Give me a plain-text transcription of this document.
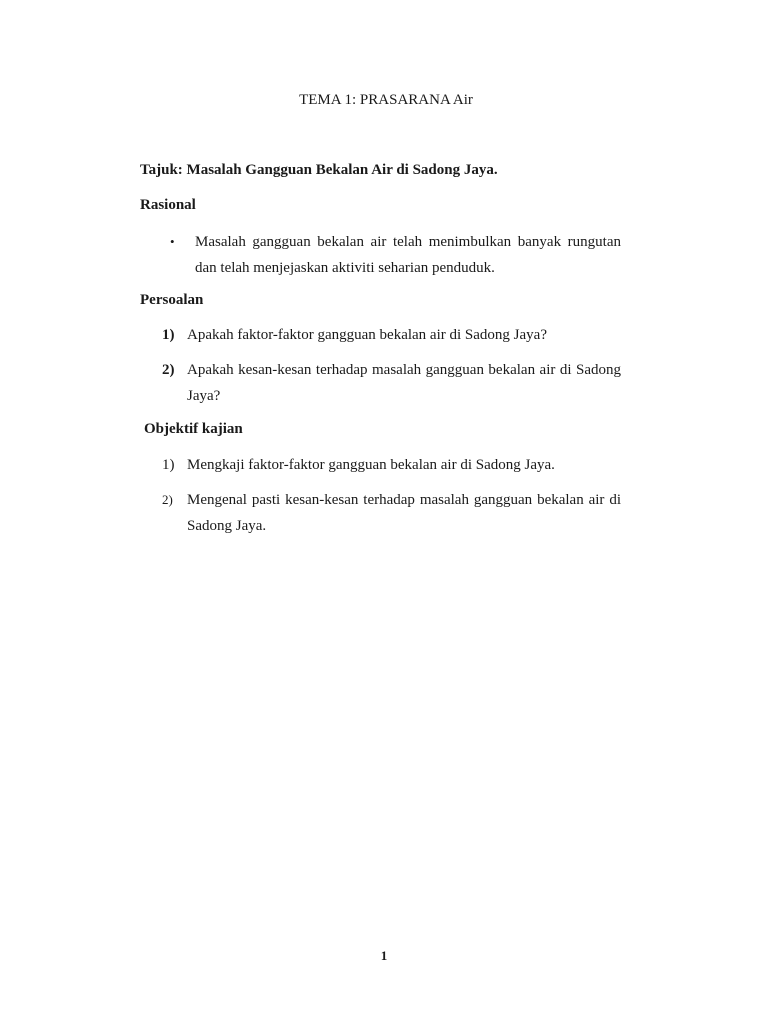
TEMA 1: PRASARANA Air
Tajuk: Masalah Gangguan Bekalan Air di Sadong Jaya.
Rasional
• Masalah gangguan bekalan air telah menimbulkan banyak rungutan dan telah menjejaskan aktiviti seharian penduduk.
Persoalan
1) Apakah faktor-faktor gangguan bekalan air di Sadong Jaya?
2) Apakah kesan-kesan terhadap masalah gangguan bekalan air di Sadong Jaya?
Objektif kajian
1) Mengkaji faktor-faktor gangguan bekalan air di Sadong Jaya.
2) Mengenal pasti kesan-kesan terhadap masalah gangguan bekalan air di Sadong Jaya.
1
